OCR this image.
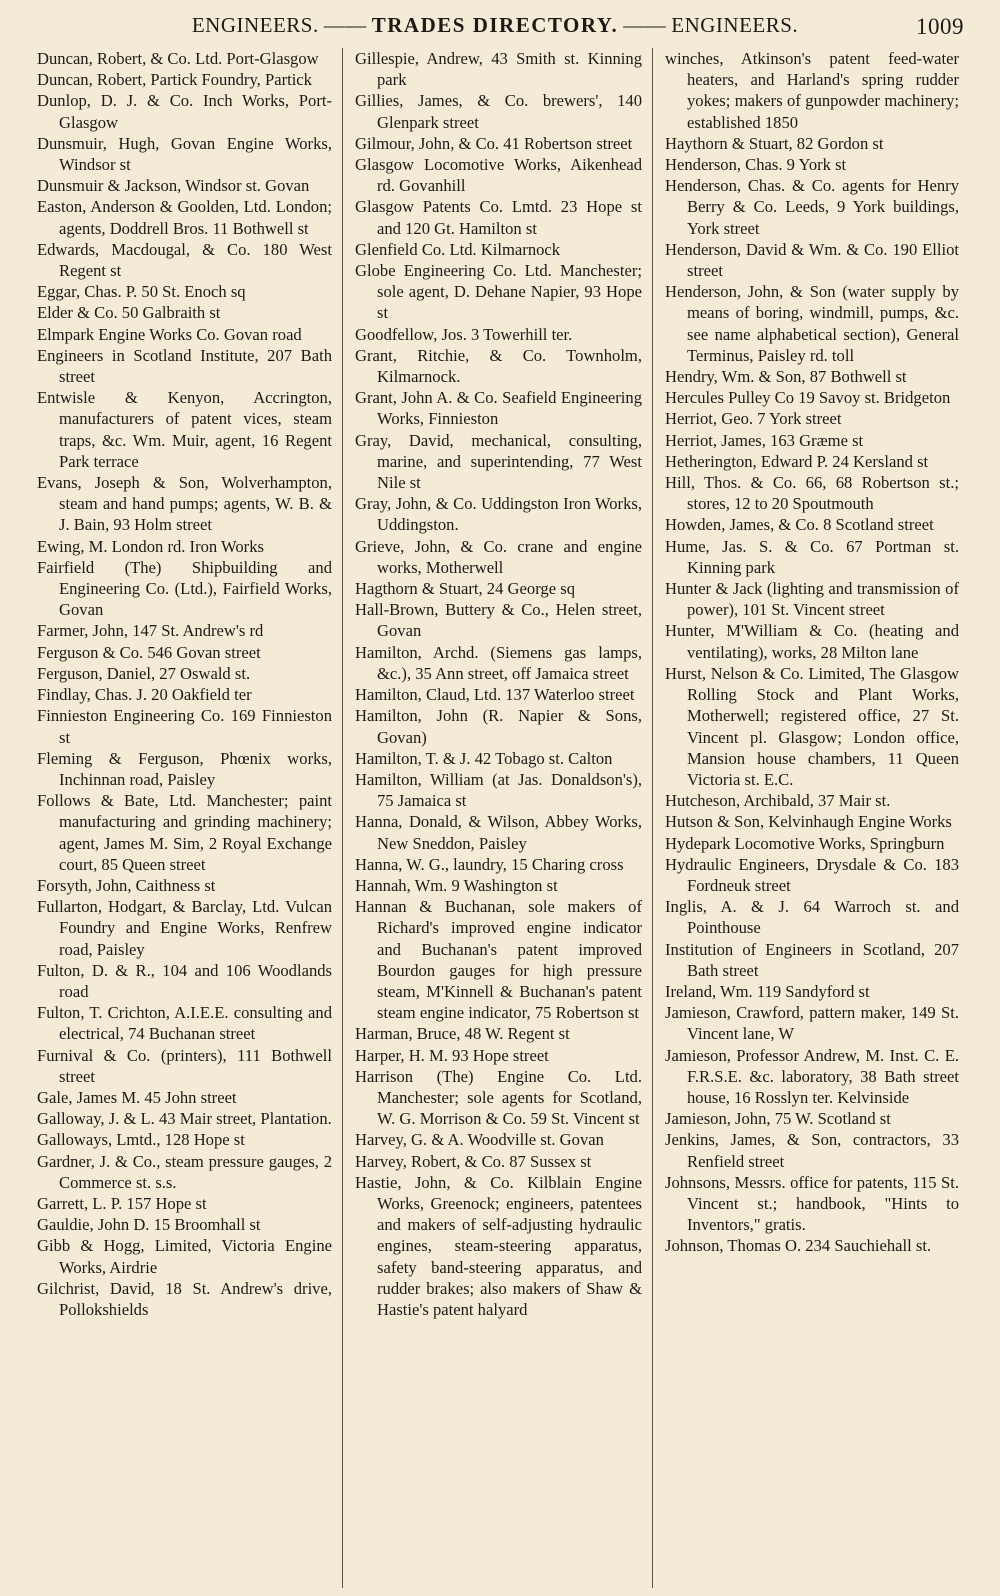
ENGINEERS. —— TRADES DIRECTORY. —— ENGINEERS.	1009

Duncan, Robert, & Co. Ltd. Port-Glasgow

Duncan, Robert, Partick Foundry, Partick

Dunlop, D. J. & Co. Inch Works, Port-Glasgow

Dunsmuir, Hugh, Govan Engine Works, Windsor st

Dunsmuir & Jackson, Windsor st. Govan

Easton, Anderson & Goolden, Ltd. London; agents, Doddrell Bros. 11 Bothwell st

Edwards, Macdougal, & Co. 180 West Regent st

Eggar, Chas. P. 50 St. Enoch sq

Elder & Co. 50 Galbraith st

Elmpark Engine Works Co. Govan road

Engineers in Scotland Institute, 207 Bath street

Entwisle & Kenyon, Accrington, manufacturers of patent vices, steam traps, &c. Wm. Muir, agent, 16 Regent Park terrace

Evans, Joseph & Son, Wolverhampton, steam and hand pumps; agents, W. B. & J. Bain, 93 Holm street

Ewing, M. London rd. Iron Works

Fairfield (The) Shipbuilding and Engineering Co. (Ltd.), Fairfield Works, Govan

Farmer, John, 147 St. Andrew's rd

Ferguson & Co. 546 Govan street

Ferguson, Daniel, 27 Oswald st.

Findlay, Chas. J. 20 Oakfield ter

Finnieston Engineering Co. 169 Finnieston st

Fleming & Ferguson, Phœnix works, Inchinnan road, Paisley

Follows & Bate, Ltd. Manchester; paint manufacturing and grinding machinery; agent, James M. Sim, 2 Royal Exchange court, 85 Queen street

Forsyth, John, Caithness st

Fullarton, Hodgart, & Barclay, Ltd. Vulcan Foundry and Engine Works, Renfrew road, Paisley

Fulton, D. & R., 104 and 106 Woodlands road

Fulton, T. Crichton, A.I.E.E. consulting and electrical, 74 Buchanan street

Furnival & Co. (printers), 111 Bothwell street

Gale, James M. 45 John street

Galloway, J. & L. 43 Mair street, Plantation.

Galloways, Lmtd., 128 Hope st

Gardner, J. & Co., steam pressure gauges, 2 Commerce st. s.s.

Garrett, L. P. 157 Hope st

Gauldie, John D. 15 Broomhall st

Gibb & Hogg, Limited, Victoria Engine Works, Airdrie

Gilchrist, David, 18 St. Andrew's drive, Pollokshields

Gillespie, Andrew, 43 Smith st. Kinning park

Gillies, James, & Co. brewers', 140 Glenpark street

Gilmour, John, & Co. 41 Robertson street

Glasgow Locomotive Works, Aikenhead rd. Govanhill

Glasgow Patents Co. Lmtd. 23 Hope st and 120 Gt. Hamilton st

Glenfield Co. Ltd. Kilmarnock

Globe Engineering Co. Ltd. Manchester; sole agent, D. Dehane Napier, 93 Hope st

Goodfellow, Jos. 3 Towerhill ter.

Grant, Ritchie, & Co. Townholm, Kilmarnock.

Grant, John A. & Co. Seafield Engineering Works, Finnieston

Gray, David, mechanical, consulting, marine, and superintending, 77 West Nile st

Gray, John, & Co. Uddingston Iron Works, Uddingston.

Grieve, John, & Co. crane and engine works, Motherwell

Hagthorn & Stuart, 24 George sq

Hall-Brown, Buttery & Co., Helen street, Govan

Hamilton, Archd. (Siemens gas lamps, &c.), 35 Ann street, off Jamaica street

Hamilton, Claud, Ltd. 137 Waterloo street

Hamilton, John (R. Napier & Sons, Govan)

Hamilton, T. & J. 42 Tobago st. Calton

Hamilton, William (at Jas. Donaldson's), 75 Jamaica st

Hanna, Donald, & Wilson, Abbey Works, New Sneddon, Paisley

Hanna, W. G., laundry, 15 Charing cross

Hannah, Wm. 9 Washington st

Hannan & Buchanan, sole makers of Richard's improved engine indicator and Buchanan's patent improved Bourdon gauges for high pressure steam, M'Kinnell & Buchanan's patent steam engine indicator, 75 Robertson st

Harman, Bruce, 48 W. Regent st

Harper, H. M. 93 Hope street

Harrison (The) Engine Co. Ltd. Manchester; sole agents for Scotland, W. G. Morrison & Co. 59 St. Vincent st

Harvey, G. & A. Woodville st. Govan

Harvey, Robert, & Co. 87 Sussex st

Hastie, John, & Co. Kilblain Engine Works, Greenock; engineers, patentees and makers of self-adjusting hydraulic engines, steam-steering apparatus, safety band-steering apparatus, and rudder brakes; also makers of Shaw & Hastie's patent halyard

winches, Atkinson's patent feed-water heaters, and Harland's spring rudder yokes; makers of gunpowder machinery; established 1850

Haythorn & Stuart, 82 Gordon st

Henderson, Chas. 9 York st

Henderson, Chas. & Co. agents for Henry Berry & Co. Leeds, 9 York buildings, York street

Henderson, David & Wm. & Co. 190 Elliot street

Henderson, John, & Son (water supply by means of boring, windmill, pumps, &c. see name alphabetical section), General Terminus, Paisley rd. toll

Hendry, Wm. & Son, 87 Bothwell st

Hercules Pulley Co 19 Savoy st. Bridgeton

Herriot, Geo. 7 York street

Herriot, James, 163 Græme st

Hetherington, Edward P. 24 Kersland st

Hill, Thos. & Co. 66, 68 Robertson st.; stores, 12 to 20 Spoutmouth

Howden, James, & Co. 8 Scotland street

Hume, Jas. S. & Co. 67 Portman st. Kinning park

Hunter & Jack (lighting and transmission of power), 101 St. Vincent street

Hunter, M'William & Co. (heating and ventilating), works, 28 Milton lane

Hurst, Nelson & Co. Limited, The Glasgow Rolling Stock and Plant Works, Motherwell; registered office, 27 St. Vincent pl. Glasgow; London office, Mansion house chambers, 11 Queen Victoria st. E.C.

Hutcheson, Archibald, 37 Mair st.

Hutson & Son, Kelvinhaugh Engine Works

Hydepark Locomotive Works, Springburn

Hydraulic Engineers, Drysdale & Co. 183 Fordneuk street

Inglis, A. & J. 64 Warroch st. and Pointhouse

Institution of Engineers in Scotland, 207 Bath street

Ireland, Wm. 119 Sandyford st

Jamieson, Crawford, pattern maker, 149 St. Vincent lane, W

Jamieson, Professor Andrew, M. Inst. C. E. F.R.S.E. &c. laboratory, 38 Bath street house, 16 Rosslyn ter. Kelvinside

Jamieson, John, 75 W. Scotland st

Jenkins, James, & Son, contractors, 33 Renfield street

Johnsons, Messrs. office for patents, 115 St. Vincent st.; handbook, "Hints to Inventors," gratis.

Johnson, Thomas O. 234 Sauchiehall st.
